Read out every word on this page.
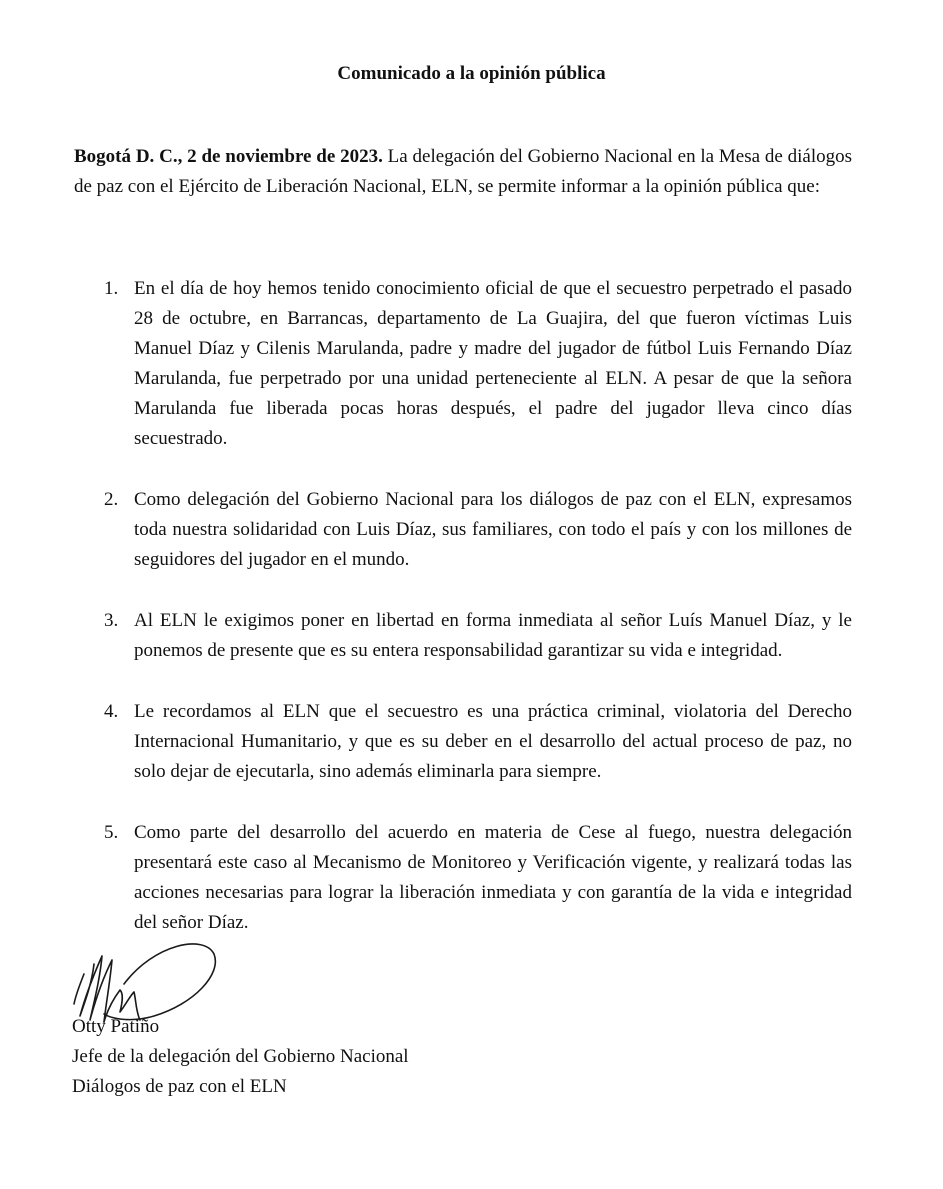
Comunicado a la opinión pública

Bogotá D. C., 2 de noviembre de 2023. La delegación del Gobierno Nacional en la Mesa de diálogos de paz con el Ejército de Liberación Nacional, ELN, se permite informar a la opinión pública que:

1. En el día de hoy hemos tenido conocimiento oficial de que el secuestro perpetrado el pasado 28 de octubre, en Barrancas, departamento de La Guajira, del que fueron víctimas Luis Manuel Díaz y Cilenis Marulanda, padre y madre del jugador de fútbol Luis Fernando Díaz Marulanda, fue perpetrado por una unidad perteneciente al ELN. A pesar de que la señora Marulanda fue liberada pocas horas después, el padre del jugador lleva cinco días secuestrado.
2. Como delegación del Gobierno Nacional para los diálogos de paz con el ELN, expresamos toda nuestra solidaridad con Luis Díaz, sus familiares, con todo el país y con los millones de seguidores del jugador en el mundo.
3. Al ELN le exigimos poner en libertad en forma inmediata al señor Luís Manuel Díaz, y le ponemos de presente que es su entera responsabilidad garantizar su vida e integridad.
4. Le recordamos al ELN que el secuestro es una práctica criminal, violatoria del Derecho Internacional Humanitario, y que es su deber en el desarrollo del actual proceso de paz, no solo dejar de ejecutarla, sino además eliminarla para siempre.
5. Como parte del desarrollo del acuerdo en materia de Cese al fuego, nuestra delegación presentará este caso al Mecanismo de Monitoreo y Verificación vigente, y realizará todas las acciones necesarias para lograr la liberación inmediata y con garantía de la vida e integridad del señor Díaz.
Otty Patiño
Jefe de la delegación del Gobierno Nacional
Diálogos de paz con el ELN
